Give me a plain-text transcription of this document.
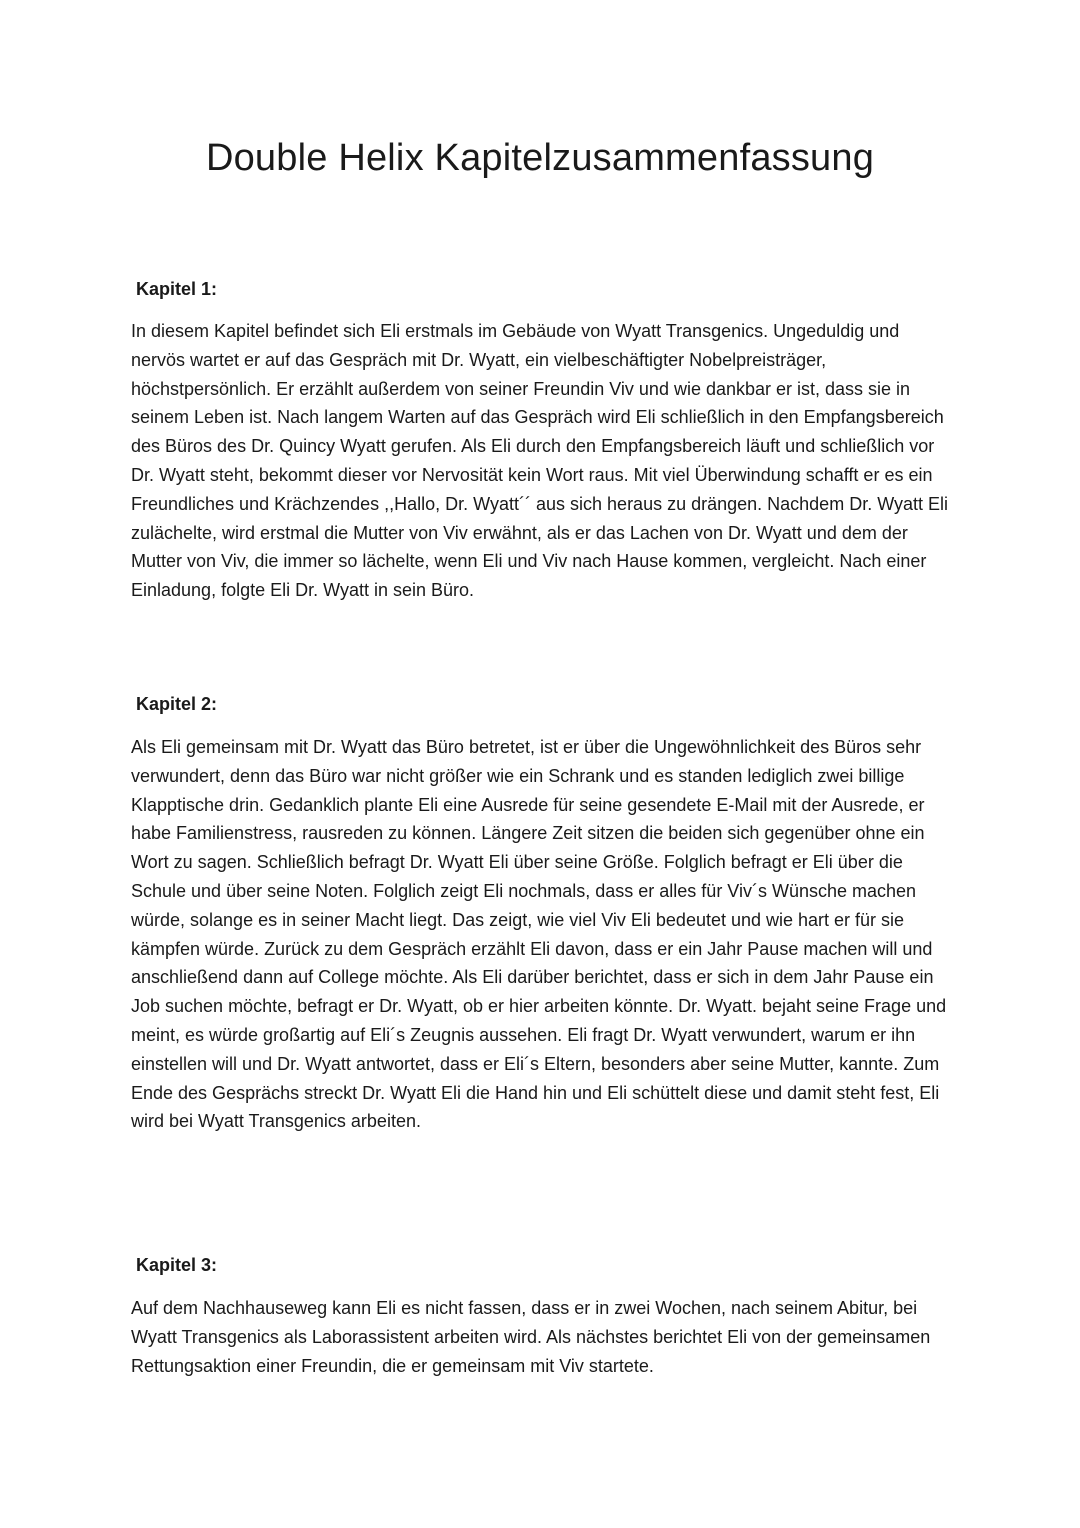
Double Helix Kapitelzusammenfassung
Kapitel 1:

In diesem Kapitel befindet sich Eli erstmals im Gebäude von Wyatt Transgenics. Ungeduldig und nervös wartet er auf das Gespräch mit Dr. Wyatt, ein vielbeschäftigter Nobelpreisträger, höchstpersönlich. Er erzählt außerdem von seiner Freundin Viv und wie dankbar er ist, dass sie in seinem Leben ist. Nach langem Warten auf das Gespräch wird Eli schließlich in den Empfangsbereich des Büros des Dr. Quincy Wyatt gerufen. Als Eli durch den Empfangsbereich läuft und schließlich vor Dr. Wyatt steht, bekommt dieser vor Nervosität kein Wort raus. Mit viel Überwindung schafft er es ein Freundliches und Krächzendes ,,Hallo, Dr. Wyatt´´ aus sich heraus zu drängen. Nachdem Dr. Wyatt Eli zulächelte, wird erstmal die Mutter von Viv erwähnt, als er das Lachen von Dr. Wyatt und dem der Mutter von Viv, die immer so lächelte, wenn Eli und Viv nach Hause kommen, vergleicht. Nach einer Einladung, folgte Eli Dr. Wyatt in sein Büro.

Kapitel 2:

Als Eli gemeinsam mit Dr. Wyatt das Büro betretet, ist er über die Ungewöhnlichkeit des Büros sehr verwundert, denn das Büro war nicht größer wie ein Schrank und es standen lediglich zwei billige Klapptische drin. Gedanklich plante Eli eine Ausrede für seine gesendete E-Mail mit der Ausrede, er habe Familienstress, rausreden zu können. Längere Zeit sitzen die beiden sich gegenüber ohne ein Wort zu sagen. Schließlich befragt Dr. Wyatt Eli über seine Größe. Folglich befragt er Eli über die Schule und über seine Noten. Folglich zeigt Eli nochmals, dass er alles für Viv´s Wünsche machen würde, solange es in seiner Macht liegt. Das zeigt, wie viel Viv Eli bedeutet und wie hart er für sie kämpfen würde. Zurück zu dem Gespräch erzählt Eli davon, dass er ein Jahr Pause machen will und anschließend dann auf College möchte. Als Eli darüber berichtet, dass er sich in dem Jahr Pause ein Job suchen möchte, befragt er Dr. Wyatt, ob er hier arbeiten könnte. Dr. Wyatt. bejaht seine Frage und meint, es würde großartig auf Eli´s Zeugnis aussehen. Eli fragt Dr. Wyatt verwundert, warum er ihn einstellen will und Dr. Wyatt antwortet, dass er Eli´s Eltern, besonders aber seine Mutter, kannte. Zum Ende des Gesprächs streckt Dr. Wyatt Eli die Hand hin und Eli schüttelt diese und damit steht fest, Eli wird bei Wyatt Transgenics arbeiten.

Kapitel 3:

Auf dem Nachhauseweg kann Eli es nicht fassen, dass er in zwei Wochen, nach seinem Abitur, bei Wyatt Transgenics als Laborassistent arbeiten wird. Als nächstes berichtet Eli von der gemeinsamen Rettungsaktion einer Freundin, die er gemeinsam mit Viv startete.
